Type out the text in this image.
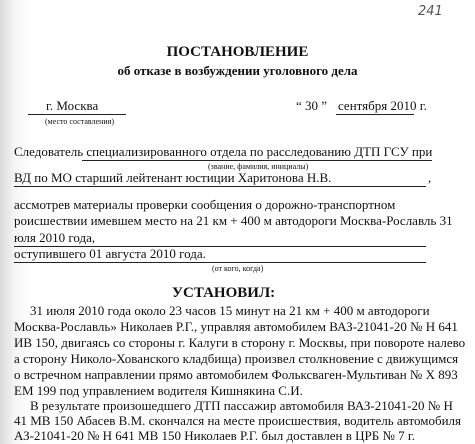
241
ПОСТАНОВЛЕНИЕ
об отказе в возбуждении уголовного дела
г. Москва
(место составления)
“ 30 ” сентября 2010 г.
Следователь специализированного отдела по расследованию ДТП ГСУ при
(звание, фамилия, инициалы)
ВД по МО старший лейтенант юстиции Харитонова Н.В.	,
ассмотрев материалы проверки сообщения о дорожно-транспортном
роисшествии имевшем место на 21 км + 400 м автодороги Москва-Рославль 31
юля 2010 года,
оступившего 01 августа 2010 года.
(от кого, когда)
УСТАНОВИЛ:
31 июля 2010 года около 23 часов 15 минут на 21 км + 400 м автодороги
Москва-Рославль» Николаев Р.Г., управляя автомобилем ВАЗ-21041-20 № Н 641
ИВ 150, двигаясь со стороны г. Калуги в сторону г. Москвы, при повороте налево
а сторону Николо-Хованского кладбища) произвел столкновение с движущимся
о встречном направлении прямо автомобилем Фольксваген-Мультиван № Х 893
ЕМ 199 под управлением водителя Кишнякина С.И.
В результате произошедшего ДТП пассажир автомобиля ВАЗ-21041-20 № Н
41 МВ 150 Абасев В.М. скончался на месте происшествия, водитель автомобиля
АЗ-21041-20 № Н 641 МВ 150 Николаев Р.Г. был доставлен в ЦРБ № 7 г.
